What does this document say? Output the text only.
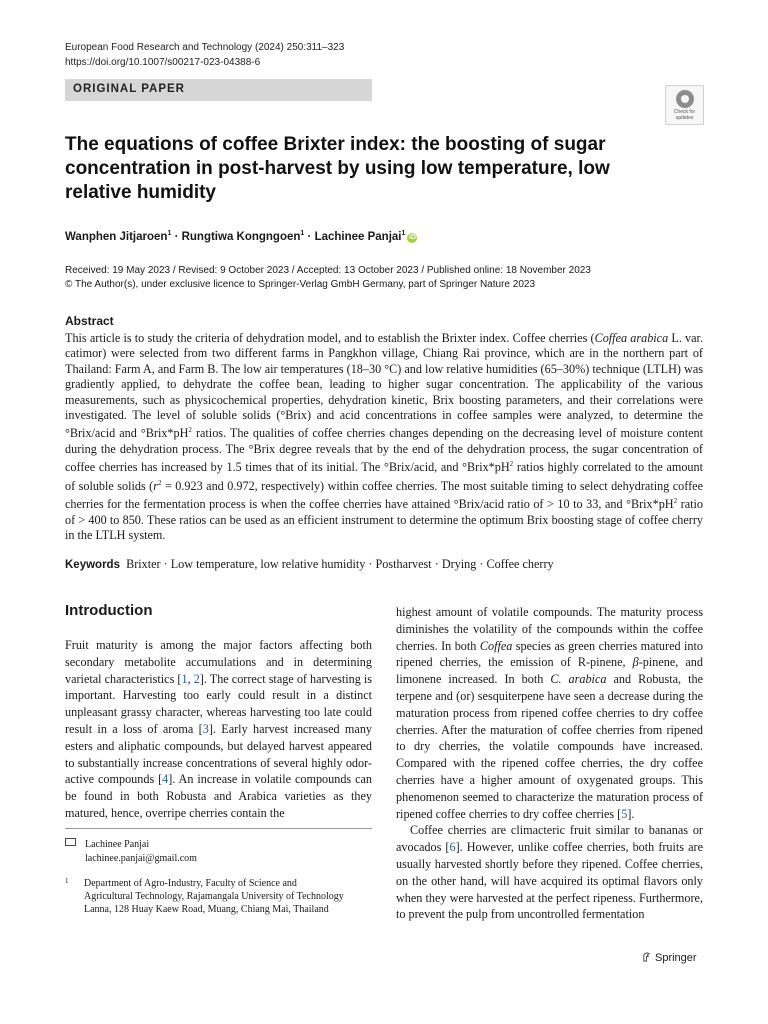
European Food Research and Technology (2024) 250:311–323
https://doi.org/10.1007/s00217-023-04388-6
ORIGINAL PAPER
Check for
updates
The equations of coffee Brixter index: the boosting of sugar concentration in post-harvest by using low temperature, low relative humidity
Wanphen Jitjaroen$^1$ · Rungtiwa Kongngoen$^1$ · Lachinee Panjai$^1$iD
Received: 19 May 2023 / Revised: 9 October 2023 / Accepted: 13 October 2023 / Published online: 18 November 2023
© The Author(s), under exclusive licence to Springer-Verlag GmbH Germany, part of Springer Nature 2023
Abstract
This article is to study the criteria of dehydration model, and to establish the Brixter index. Coffee cherries (Coffea arabica L. var. catimor) were selected from two different farms in Pangkhon village, Chiang Rai province, which are in the northern part of Thailand: Farm A, and Farm B. The low air temperatures (18–30 °C) and low relative humidities (65–30%) technique (LTLH) was gradiently applied, to dehydrate the coffee bean, leading to higher sugar concentration. The applicability of the various measurements, such as physicochemical properties, dehydration kinetic, Brix boosting parameters, and their correlations were investigated. The level of soluble solids (°Brix) and acid concentrations in coffee samples were analyzed, to determine the °Brix/acid and $^\circ Brix*pH^2$ ratios. The qualities of coffee cherries changes depending on the decreasing level of moisture content during the dehydration process. The °Brix degree reveals that by the end of the dehydration process, the sugar concentration of coffee cherries has increased by 1.5 times that of its initial. The °Brix/acid, and $^\circ Brix*pH^2$ ratios highly correlated to the amount of soluble solids ($r^2 = 0.923$ and 0.972, respectively) within coffee cherries. The most suitable timing to select dehydrating coffee cherries for the fermentation process is when the coffee cherries have attained °Brix/acid ratio of > 10 to 33, and $^\circ Brix*pH^2$ ratio of > 400 to 850. These ratios can be used as an efficient instrument to determine the optimum Brix boosting stage of coffee cherry in the LTLH system.
Keywords Brixter · Low temperature, low relative humidity · Postharvest · Drying · Coffee cherry
Introduction

Fruit maturity is among the major factors affecting both secondary metabolite accumulations and in determining varietal characteristics [1, 2]. The correct stage of harvesting is important. Harvesting too early could result in a distinct unpleasant grassy character, whereas harvesting too late could result in a loss of aroma [3]. Early harvest increased many esters and aliphatic compounds, but delayed harvest appeared to substantially increase concentrations of several highly odor-active compounds [4]. An increase in volatile compounds can be found in both Robusta and Arabica varieties as they matured, hence, overripe cherries contain the

highest amount of volatile compounds. The maturity process diminishes the volatility of the compounds within the coffee cherries. In both Coffea species as green cherries matured into ripened cherries, the emission of R-pinene, β-pinene, and limonene increased. In both C. arabica and Robusta, the terpene and (or) sesquiterpene have seen a decrease during the maturation process from ripened coffee cherries to dry coffee cherries. After the maturation of coffee cherries from ripened to dry cherries, the volatile compounds have increased. Compared with the ripened coffee cherries, the dry coffee cherries have a higher amount of oxygenated groups. This phenomenon seemed to characterize the maturation process of ripened coffee cherries to dry coffee cherries [5].

Coffee cherries are climacteric fruit similar to bananas or avocados [6]. However, unlike coffee cherries, both fruits are usually harvested shortly before they ripened. Coffee cherries, on the other hand, will have acquired its optimal flavors only when they were harvested at the perfect ripeness. Furthermore, to prevent the pulp from uncontrolled fermentation

Lachinee Panjai
lachinee.panjai@gmail.com
1 Department of Agro-Industry, Faculty of Science and Agricultural Technology, Rajamangala University of Technology Lanna, 128 Huay Kaew Road, Muang, Chiang Mai, Thailand
Springer
